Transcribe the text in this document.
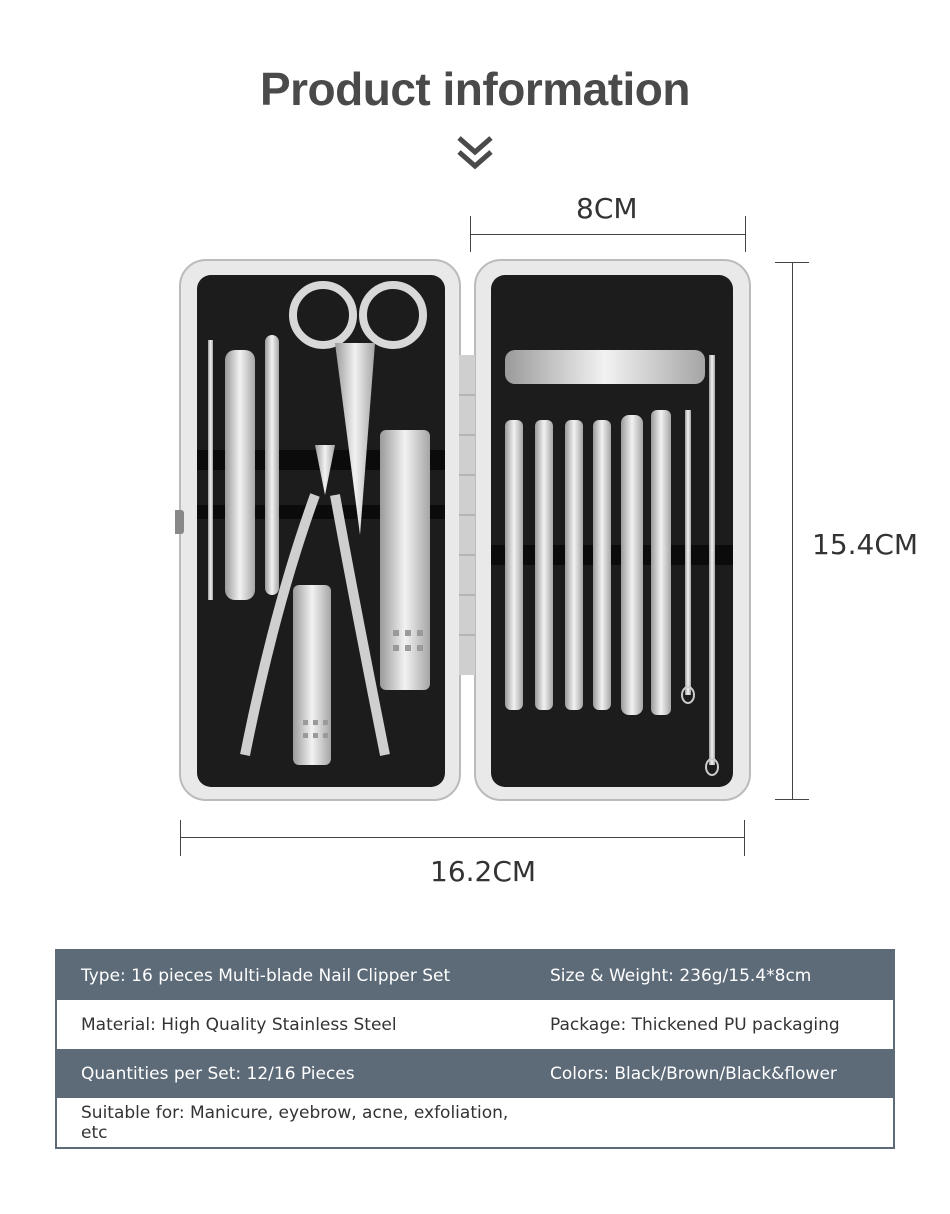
Product information
8CM
15.4CM
16.2CM
Type: 16 pieces Multi-blade Nail Clipper Set	Size & Weight: 236g/15.4*8cm
Material: High Quality Stainless Steel	Package: Thickened PU packaging
Quantities per Set: 12/16 Pieces	Colors: Black/Brown/Black&flower
Suitable for: Manicure, eyebrow, acne, exfoliation, etc	
